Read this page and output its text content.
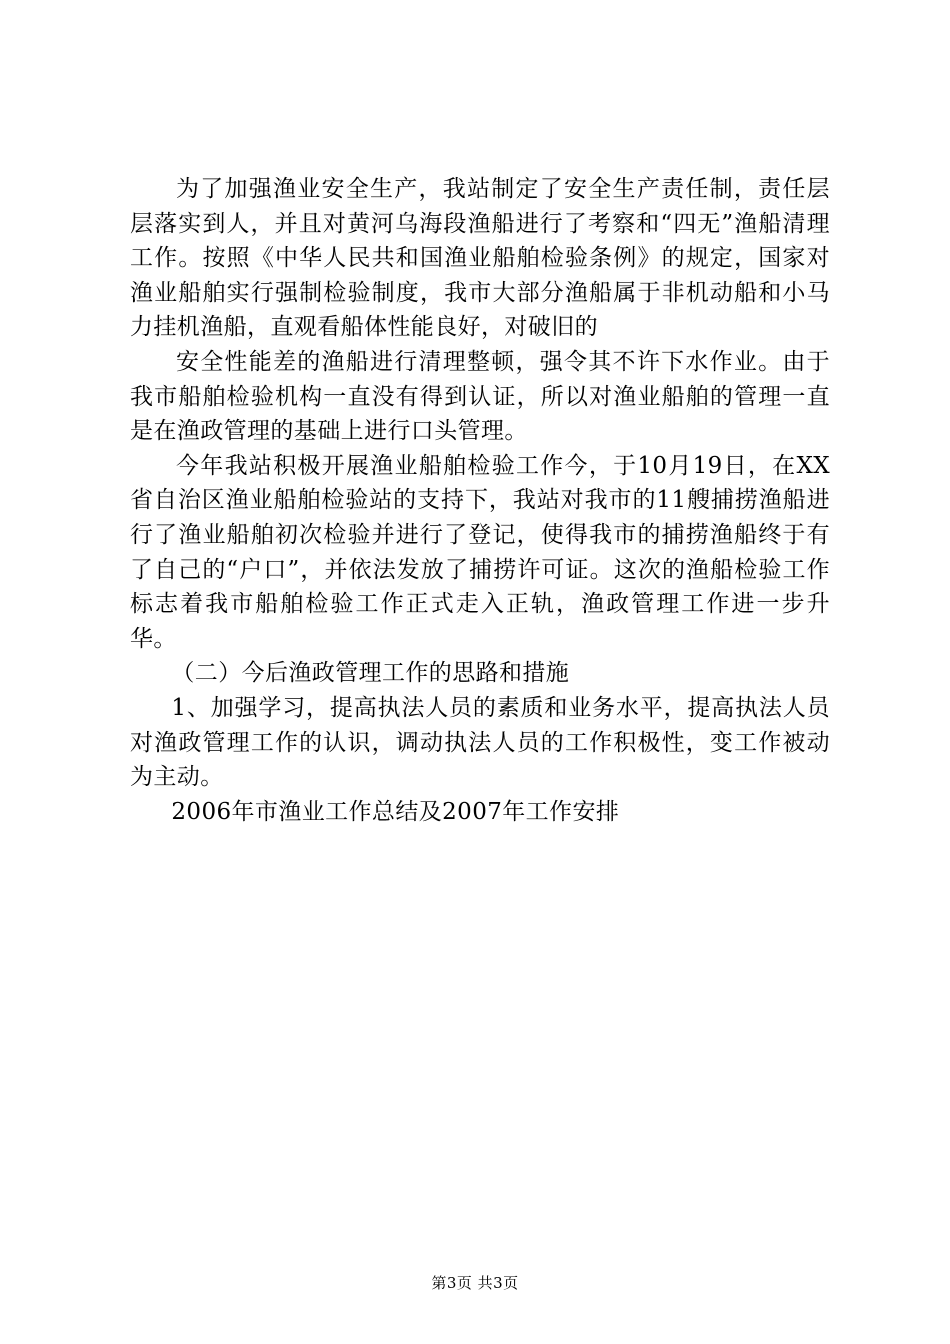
为了加强渔业安全生产，我站制定了安全生产责任制，责任层层落实到人，并且对黄河乌海段渔船进行了考察和“四无”渔船清理工作。按照《中华人民共和国渔业船舶检验条例》的规定，国家对渔业船舶实行强制检验制度，我市大部分渔船属于非机动船和小马力挂机渔船，直观看船体性能良好，对破旧的

安全性能差的渔船进行清理整顿，强令其不许下水作业。由于我市船舶检验机构一直没有得到认证，所以对渔业船舶的管理一直是在渔政管理的基础上进行口头管理。

今年我站积极开展渔业船舶检验工作今，于10月19日，在XX省自治区渔业船舶检验站的支持下，我站对我市的11艘捕捞渔船进行了渔业船舶初次检验并进行了登记，使得我市的捕捞渔船终于有了自己的“户口”，并依法发放了捕捞许可证。这次的渔船检验工作标志着我市船舶检验工作正式走入正轨，渔政管理工作进一步升华。

（二）今后渔政管理工作的思路和措施

1、加强学习，提高执法人员的素质和业务水平，提高执法人员对渔政管理工作的认识，调动执法人员的工作积极性，变工作被动为主动。

2006年市渔业工作总结及2007年工作安排

第3页 共3页
